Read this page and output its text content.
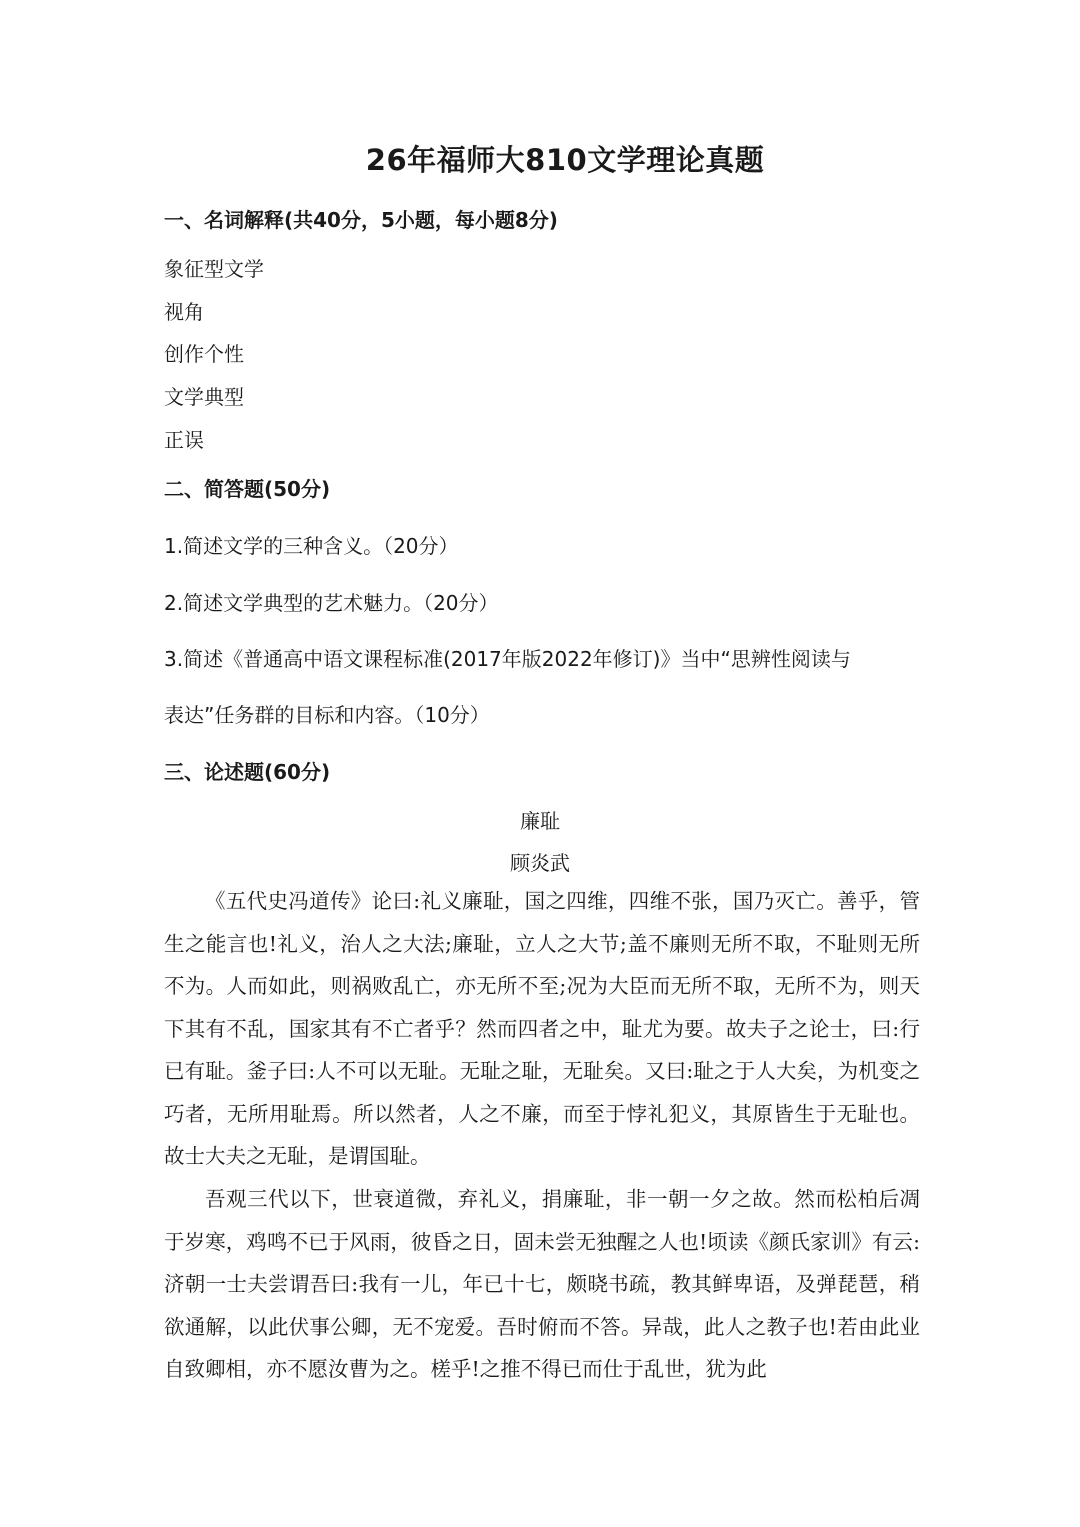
26年福师大810文学理论真题
一、名词解释(共40分，5小题，每小题8分)
象征型文学
视角
创作个性
文学典型
正误
二、简答题(50分)
1.简述文学的三种含义。（20分）
2.简述文学典型的艺术魅力。（20分）
3.简述《普通高中语文课程标准(2017年版2022年修订)》当中“思辨性阅读与
表达”任务群的目标和内容。（10分）
三、论述题(60分)
廉耻
顾炎武

《五代史冯道传》论曰:礼义廉耻，国之四维，四维不张，国乃灭亡。善乎，管生之能言也!礼义，治人之大法;廉耻，立人之大节;盖不廉则无所不取，不耻则无所不为。人而如此，则祸败乱亡，亦无所不至;况为大臣而无所不取，无所不为，则天下其有不乱，国家其有不亡者乎？然而四者之中，耻尤为要。故夫子之论士，曰:行已有耻。釜子曰:人不可以无耻。无耻之耻，无耻矣。又曰:耻之于人大矣，为机变之巧者，无所用耻焉。所以然者，人之不廉，而至于悖礼犯义，其原皆生于无耻也。故士大夫之无耻，是谓国耻。

吾观三代以下，世衰道微，弃礼义，捐廉耻，非一朝一夕之故。然而松柏后凋于岁寒，鸡鸣不已于风雨，彼昏之日，固未尝无独醒之人也!顷读《颜氏家训》有云:济朝一士夫尝谓吾曰:我有一儿，年已十七，颇晓书疏，教其鲜卑语，及弹琵琶，稍欲通解，以此伏事公卿，无不宠爱。吾时俯而不答。异哉，此人之教子也!若由此业自致卿相，亦不愿汝曹为之。槎乎!之推不得已而仕于乱世，犹为此
